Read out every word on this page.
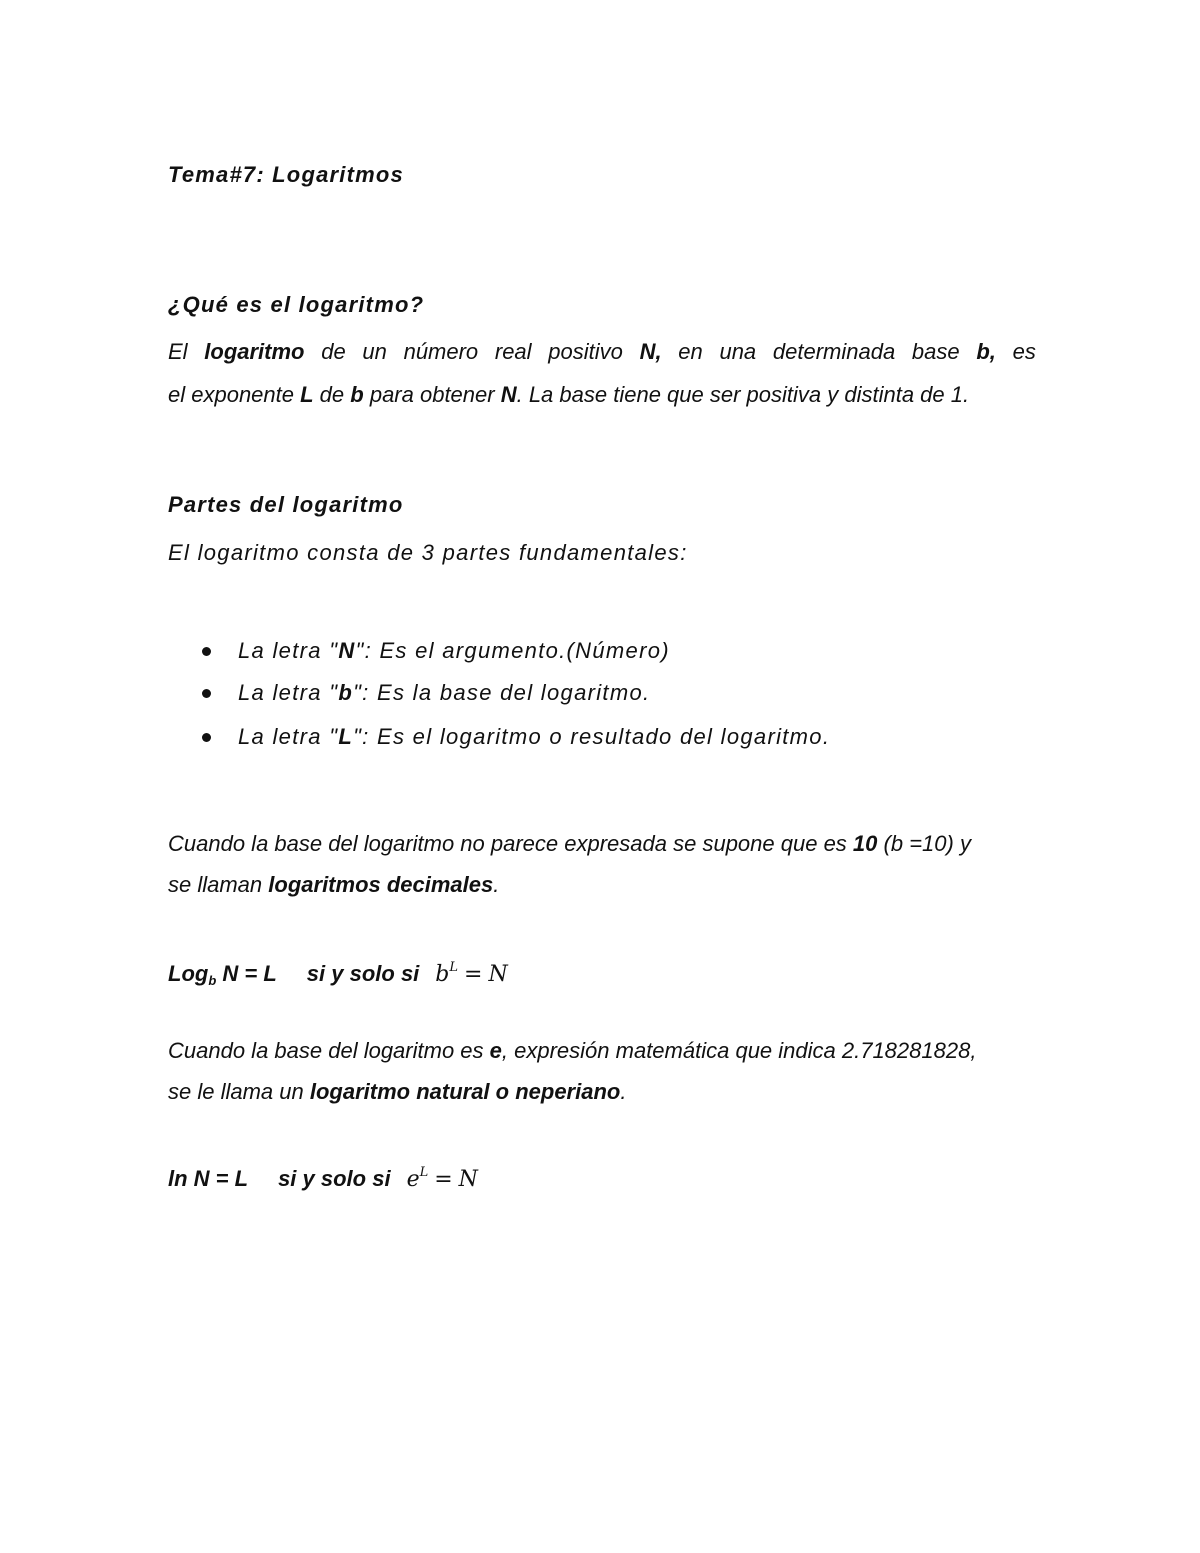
Tema#7: Logaritmos
¿Qué es el logaritmo?
El logaritmo de un número real positivo N, en una determinada base b, es
el exponente L de b para obtener N. La base tiene que ser positiva y distinta de 1.
Partes del logaritmo
El logaritmo consta de 3 partes fundamentales:
La letra "N": Es el argumento.(Número)
La letra "b": Es la base del logaritmo.
La letra "L": Es el logaritmo o resultado del logaritmo.
Cuando la base del logaritmo no parece expresada se supone que es 10 (b =10) y
se llaman logaritmos decimales.
Log$_b$ N = L si y solo si $b^L = N$
Cuando la base del logaritmo es e, expresión matemática que indica 2.718281828,
se le llama un logaritmo natural o neperiano.
ln N = L si y solo si $e^L = N$
